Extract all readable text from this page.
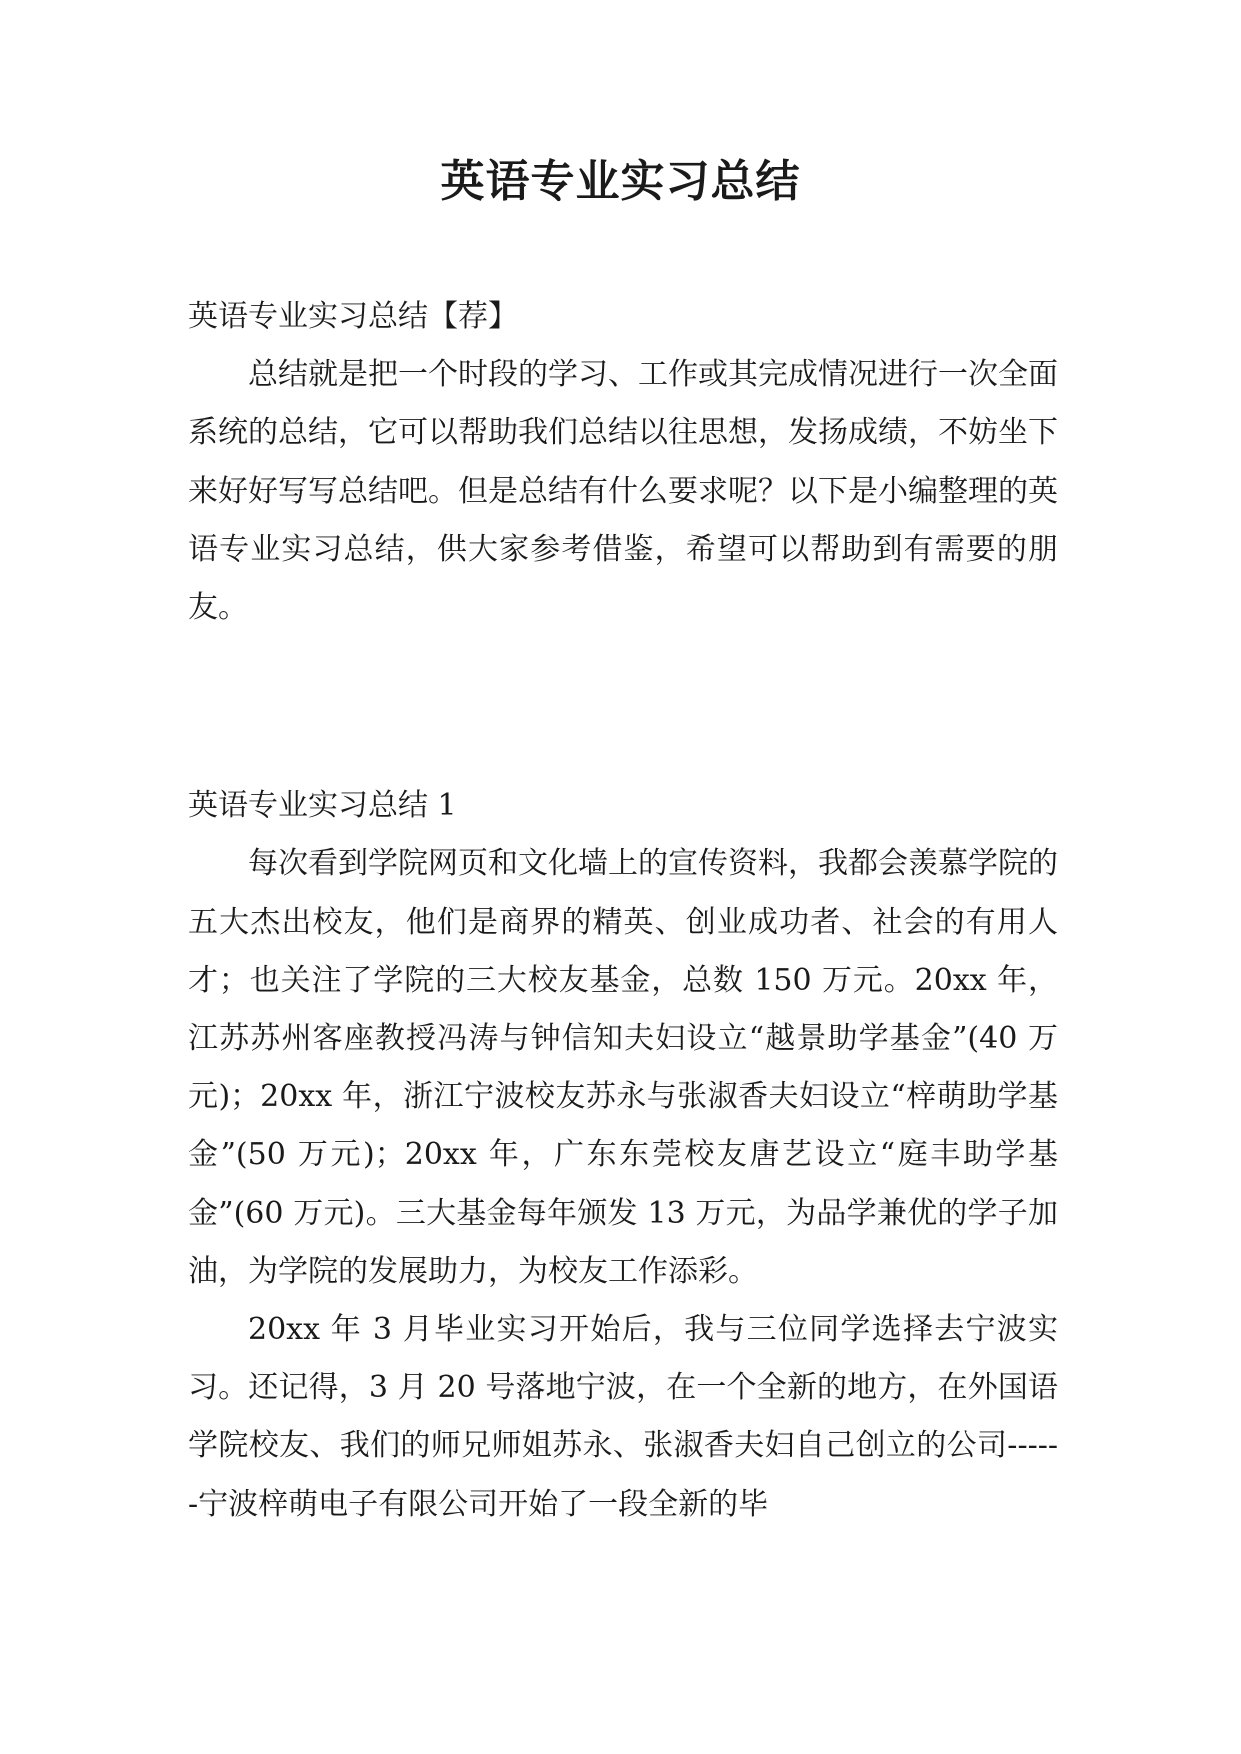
英语专业实习总结

英语专业实习总结【荐】

总结就是把一个时段的学习、工作或其完成情况进行一次全面系统的总结，它可以帮助我们总结以往思想，发扬成绩，不妨坐下来好好写写总结吧。但是总结有什么要求呢？以下是小编整理的英语专业实习总结，供大家参考借鉴，希望可以帮助到有需要的朋友。

英语专业实习总结 1

每次看到学院网页和文化墙上的宣传资料，我都会羡慕学院的五大杰出校友，他们是商界的精英、创业成功者、社会的有用人才；也关注了学院的三大校友基金，总数 150 万元。20xx 年，江苏苏州客座教授冯涛与钟信知夫妇设立“越景助学基金”(40 万元)；20xx 年，浙江宁波校友苏永与张淑香夫妇设立“梓萌助学基金”(50 万元)；20xx 年，广东东莞校友唐艺设立“庭丰助学基金”(60 万元)。三大基金每年颁发 13 万元，为品学兼优的学子加油，为学院的发展助力，为校友工作添彩。

20xx 年 3 月毕业实习开始后，我与三位同学选择去宁波实习。还记得，3 月 20 号落地宁波，在一个全新的地方，在外国语学院校友、我们的师兄师姐苏永、张淑香夫妇自己创立的公司------宁波梓萌电子有限公司开始了一段全新的毕
